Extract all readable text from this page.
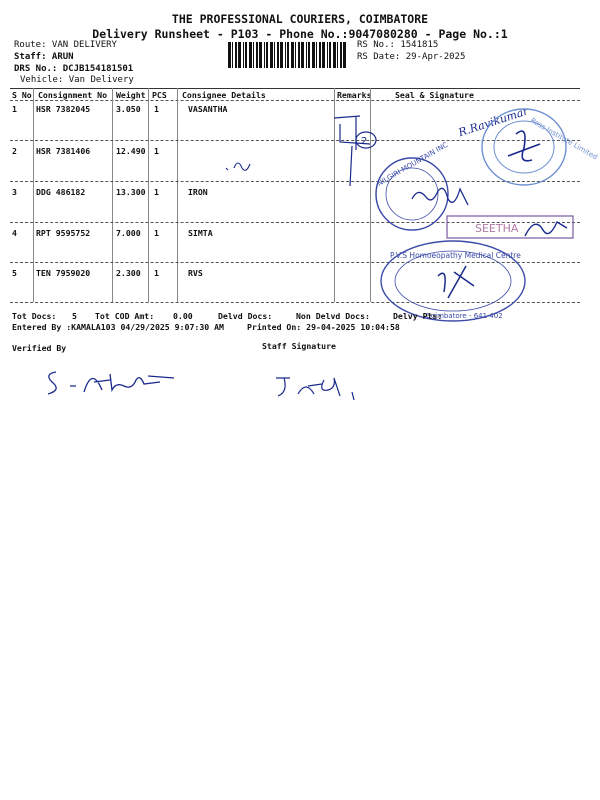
THE PROFESSIONAL COURIERS, COIMBATORE
Delivery Runsheet - P103 - Phone No.:9047080280 - Page No.:1
Route: VAN DELIVERY
Staff: ARUN
DRS No.: DCJB154181501
Vehicle: Van Delivery
RS No.: 1541815
RS Date: 29-Apr-2025
S No Consignment No Weight PCS Consignee Details	Remarks	Seal & Signature
1 HSR 7382045	3.050 1	VASANTHA
2 HSR 7381406	12.490 1
3 DDG 486182	13.300 1	IRON
4 RPT 9595752	7.000 1	SIMTA
5 TEN 7959020	2.300 1	RVS
2
R.Ravikumar Ross Institute Limited
NILGIRI MOUNTAIN INC
SEETHA
P.V.S Homoeopathy Medical Centre
Coimbatore - 641 402
Tot Docs: 5 Tot COD Amt: 0.00	Delvd Docs:	Non Delvd Docs:	Delvy Pts:
Entered By :KAMALA103 04/29/2025 9:07:30 AM	Printed On: 29-04-2025 10:04:58
Verified By	Staff Signature
